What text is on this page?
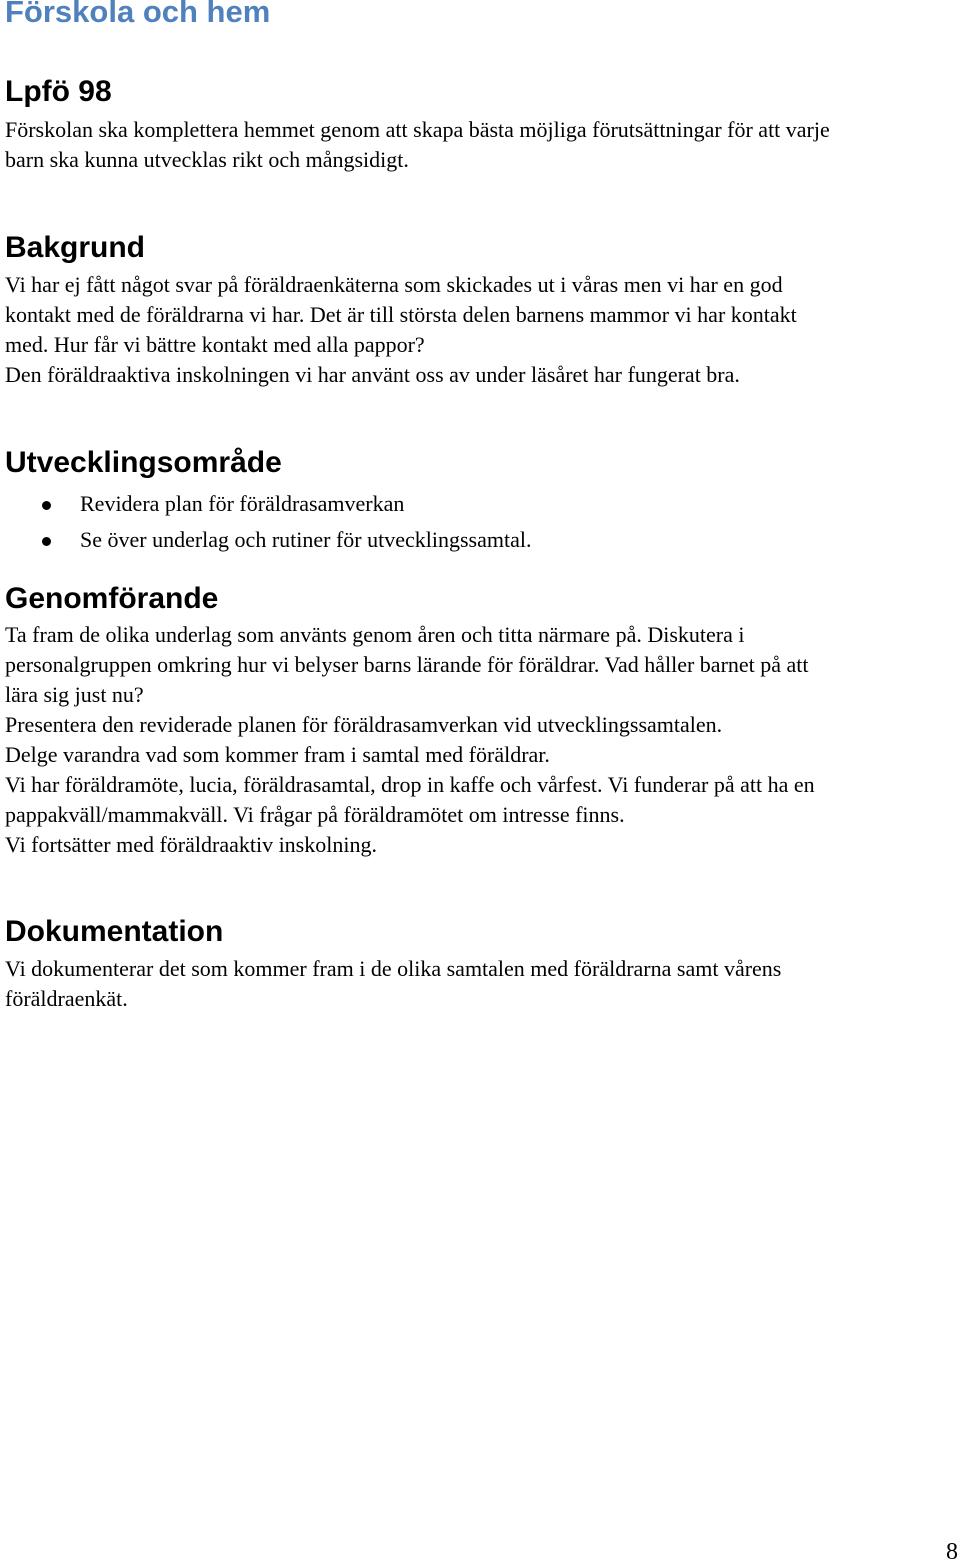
Förskola och hem
Lpfö 98

Förskolan ska komplettera hemmet genom att skapa bästa möjliga förutsättningar för att varje

barn ska kunna utvecklas rikt och mångsidigt.

Bakgrund

Vi har ej fått något svar på föräldraenkäterna som skickades ut i våras men vi har en god

kontakt med de föräldrarna vi har. Det är till största delen barnens mammor vi har kontakt

med. Hur får vi bättre kontakt med alla pappor?

Den föräldraaktiva inskolningen vi har använt oss av under läsåret har fungerat bra.

Utvecklingsområde
Revidera plan för föräldrasamverkan
Se över underlag och rutiner för utvecklingssamtal.
Genomförande

Ta fram de olika underlag som använts genom åren och titta närmare på. Diskutera i

personalgruppen omkring hur vi belyser barns lärande för föräldrar. Vad håller barnet på att

lära sig just nu?

Presentera den reviderade planen för föräldrasamverkan vid utvecklingssamtalen.

Delge varandra vad som kommer fram i samtal med föräldrar.

Vi har föräldramöte, lucia, föräldrasamtal, drop in kaffe och vårfest. Vi funderar på att ha en

pappakväll/mammakväll. Vi frågar på föräldramötet om intresse finns.

Vi fortsätter med föräldraaktiv inskolning.

Dokumentation

Vi dokumenterar det som kommer fram i de olika samtalen med föräldrarna samt vårens

föräldraenkät.

8
